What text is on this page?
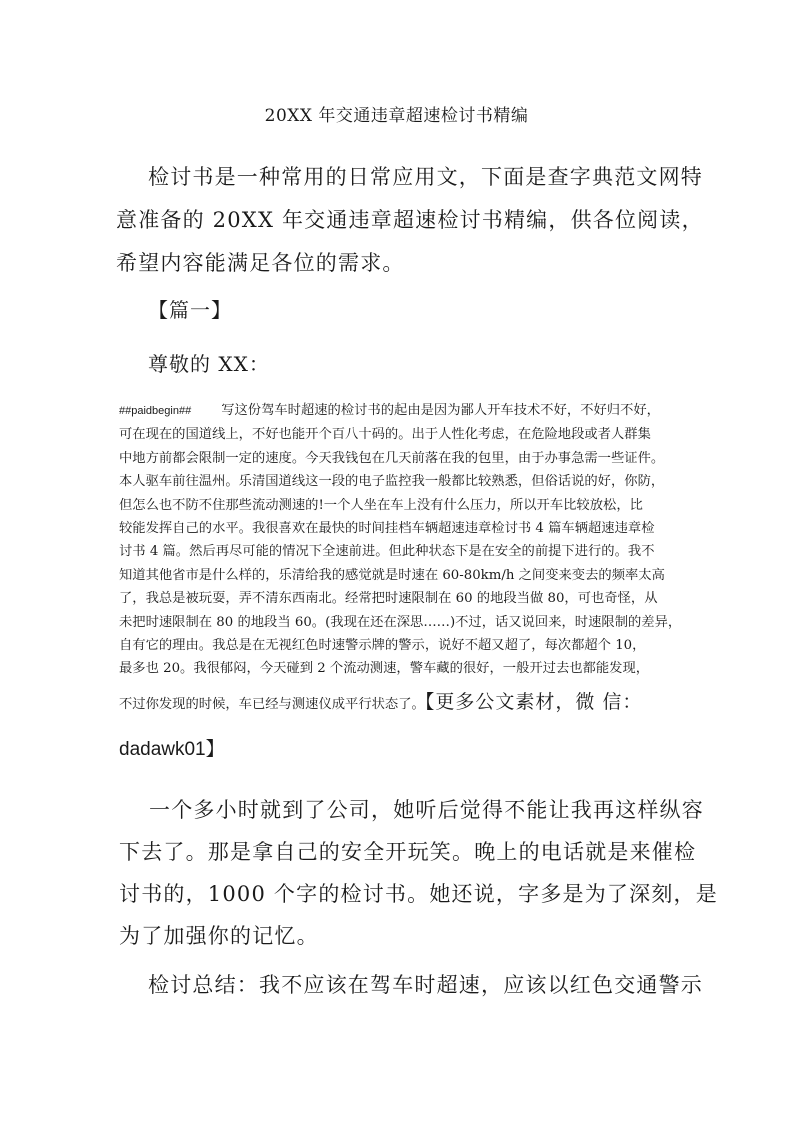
20XX 年交通违章超速检讨书精编
检讨书是一种常用的日常应用文，下面是查字典范文网特
意准备的 20XX 年交通违章超速检讨书精编，供各位阅读，
希望内容能满足各位的需求。
【篇一】
尊敬的 XX：
##paidbegin## 写这份驾车时超速的检讨书的起由是因为鄙人开车技术不好，不好归不好，
可在现在的国道线上，不好也能开个百八十码的。出于人性化考虑，在危险地段或者人群集
中地方前都会限制一定的速度。今天我钱包在几天前落在我的包里，由于办事急需一些证件。
本人驱车前往温州。乐清国道线这一段的电子监控我一般都比较熟悉，但俗话说的好，你防，
但怎么也不防不住那些流动测速的!一个人坐在车上没有什么压力，所以开车比较放松，比
较能发挥自己的水平。我很喜欢在最快的时间挂档车辆超速违章检讨书 4 篇车辆超速违章检
讨书 4 篇。然后再尽可能的情况下全速前进。但此种状态下是在安全的前提下进行的。我不
知道其他省市是什么样的，乐清给我的感觉就是时速在 60-80km/h 之间变来变去的频率太高
了，我总是被玩耍，弄不清东西南北。经常把时速限制在 60 的地段当做 80，可也奇怪，从
未把时速限制在 80 的地段当 60。(我现在还在深思……)不过，话又说回来，时速限制的差异，
自有它的理由。我总是在无视红色时速警示牌的警示，说好不超又超了，每次都超个 10，
最多也 20。我很郁闷，今天碰到 2 个流动测速，警车藏的很好，一般开过去也都能发现，
不过你发现的时候，车已经与测速仪成平行状态了。【更多公文素材，微 信：
dadawk01】
一个多小时就到了公司，她听后觉得不能让我再这样纵容
下去了。那是拿自己的安全开玩笑。晚上的电话就是来催检
讨书的，1000 个字的检讨书。她还说，字多是为了深刻，是
为了加强你的记忆。
检讨总结：我不应该在驾车时超速，应该以红色交通警示
